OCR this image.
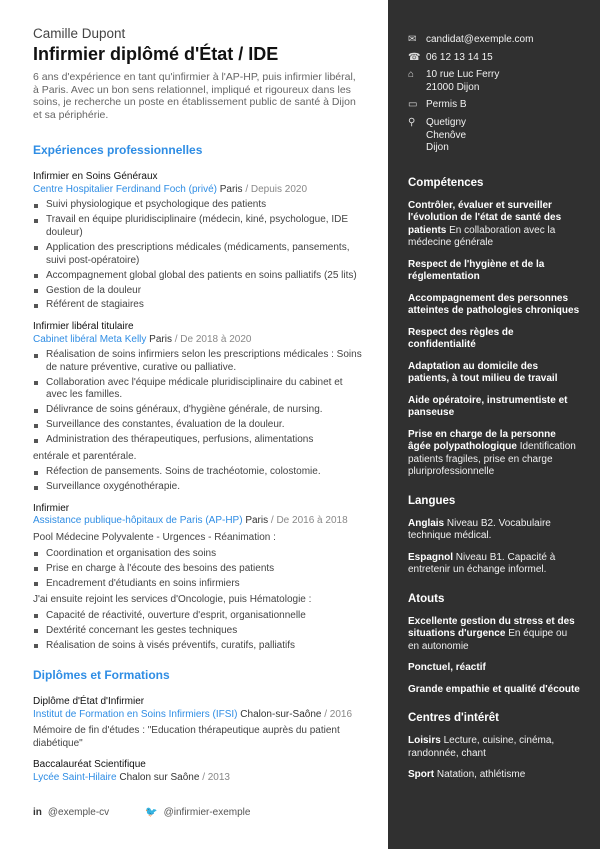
Camille Dupont
Infirmier diplômé d'État / IDE
6 ans d'expérience en tant qu'infirmier à l'AP-HP, puis infirmier libéral, à Paris. Avec un bon sens relationnel, impliqué et rigoureux dans les soins, je recherche un poste en établissement public de santé à Dijon et sa périphérie.
Expériences professionnelles
Infirmier en Soins Généraux
Centre Hospitalier Ferdinand Foch (privé) Paris / Depuis 2020
Suivi physiologique et psychologique des patients
Travail en équipe pluridisciplinaire (médecin, kiné, psychologue, IDE douleur)
Application des prescriptions médicales (médicaments, pansements, suivi post-opératoire)
Accompagnement global global des patients en soins palliatifs (25 lits)
Gestion de la douleur
Référent de stagiaires
Infirmier libéral titulaire
Cabinet libéral Meta Kelly Paris / De 2018 à 2020
Réalisation de soins infirmiers selon les prescriptions médicales : Soins de nature préventive, curative ou palliative.
Collaboration avec l'équipe médicale pluridisciplinaire du cabinet et avec les familles.
Délivrance de soins généraux, d'hygiène générale, de nursing.
Surveillance des constantes, évaluation de la douleur.
Administration des thérapeutiques, perfusions, alimentations
entérale et parentérale.
Réfection de pansements. Soins de trachéotomie, colostomie.
Surveillance oxygénothérapie.
Infirmier
Assistance publique-hôpitaux de Paris (AP-HP) Paris / De 2016 à 2018
Pool Médecine Polyvalente - Urgences - Réanimation :
Coordination et organisation des soins
Prise en charge à l'écoute des besoins des patients
Encadrement d'étudiants en soins infirmiers
J'ai ensuite rejoint les services d'Oncologie, puis Hématologie :
Capacité de réactivité, ouverture d'esprit, organisationnelle
Dextérité concernant les gestes techniques
Réalisation de soins à visés préventifs, curatifs, palliatifs
Diplômes et Formations
Diplôme d'État d'Infirmier
Institut de Formation en Soins Infirmiers (IFSI) Chalon-sur-Saône / 2016
Mémoire de fin d'études : "Education thérapeutique auprès du patient diabétique"
Baccalauréat Scientifique
Lycée Saint-Hilaire Chalon sur Saône / 2013
in @exemple-cv	🐦 @infirmier-exemple
✉ candidat@exemple.com
☎ 06 12 13 14 15
⌂	10 rue Luc Ferry
21000 Dijon
▭ Permis B
⚲	Quetigny
Chenôve
Dijon
Compétences
Contrôler, évaluer et surveiller l'évolution de l'état de santé des patients En collaboration avec la médecine générale
Respect de l'hygiène et de la réglementation
Accompagnement des personnes atteintes de pathologies chroniques
Respect des règles de confidentialité
Adaptation au domicile des patients, à tout milieu de travail
Aide opératoire, instrumentiste et panseuse
Prise en charge de la personne âgée polypathologique Identification patients fragiles, prise en charge pluriprofessionnelle
Langues
Anglais Niveau B2. Vocabulaire technique médical.
Espagnol Niveau B1. Capacité à entretenir un échange informel.
Atouts
Excellente gestion du stress et des situations d'urgence En équipe ou en autonomie
Ponctuel, réactif
Grande empathie et qualité d'écoute
Centres d'intérêt
Loisirs Lecture, cuisine, cinéma, randonnée, chant
Sport Natation, athlétisme
